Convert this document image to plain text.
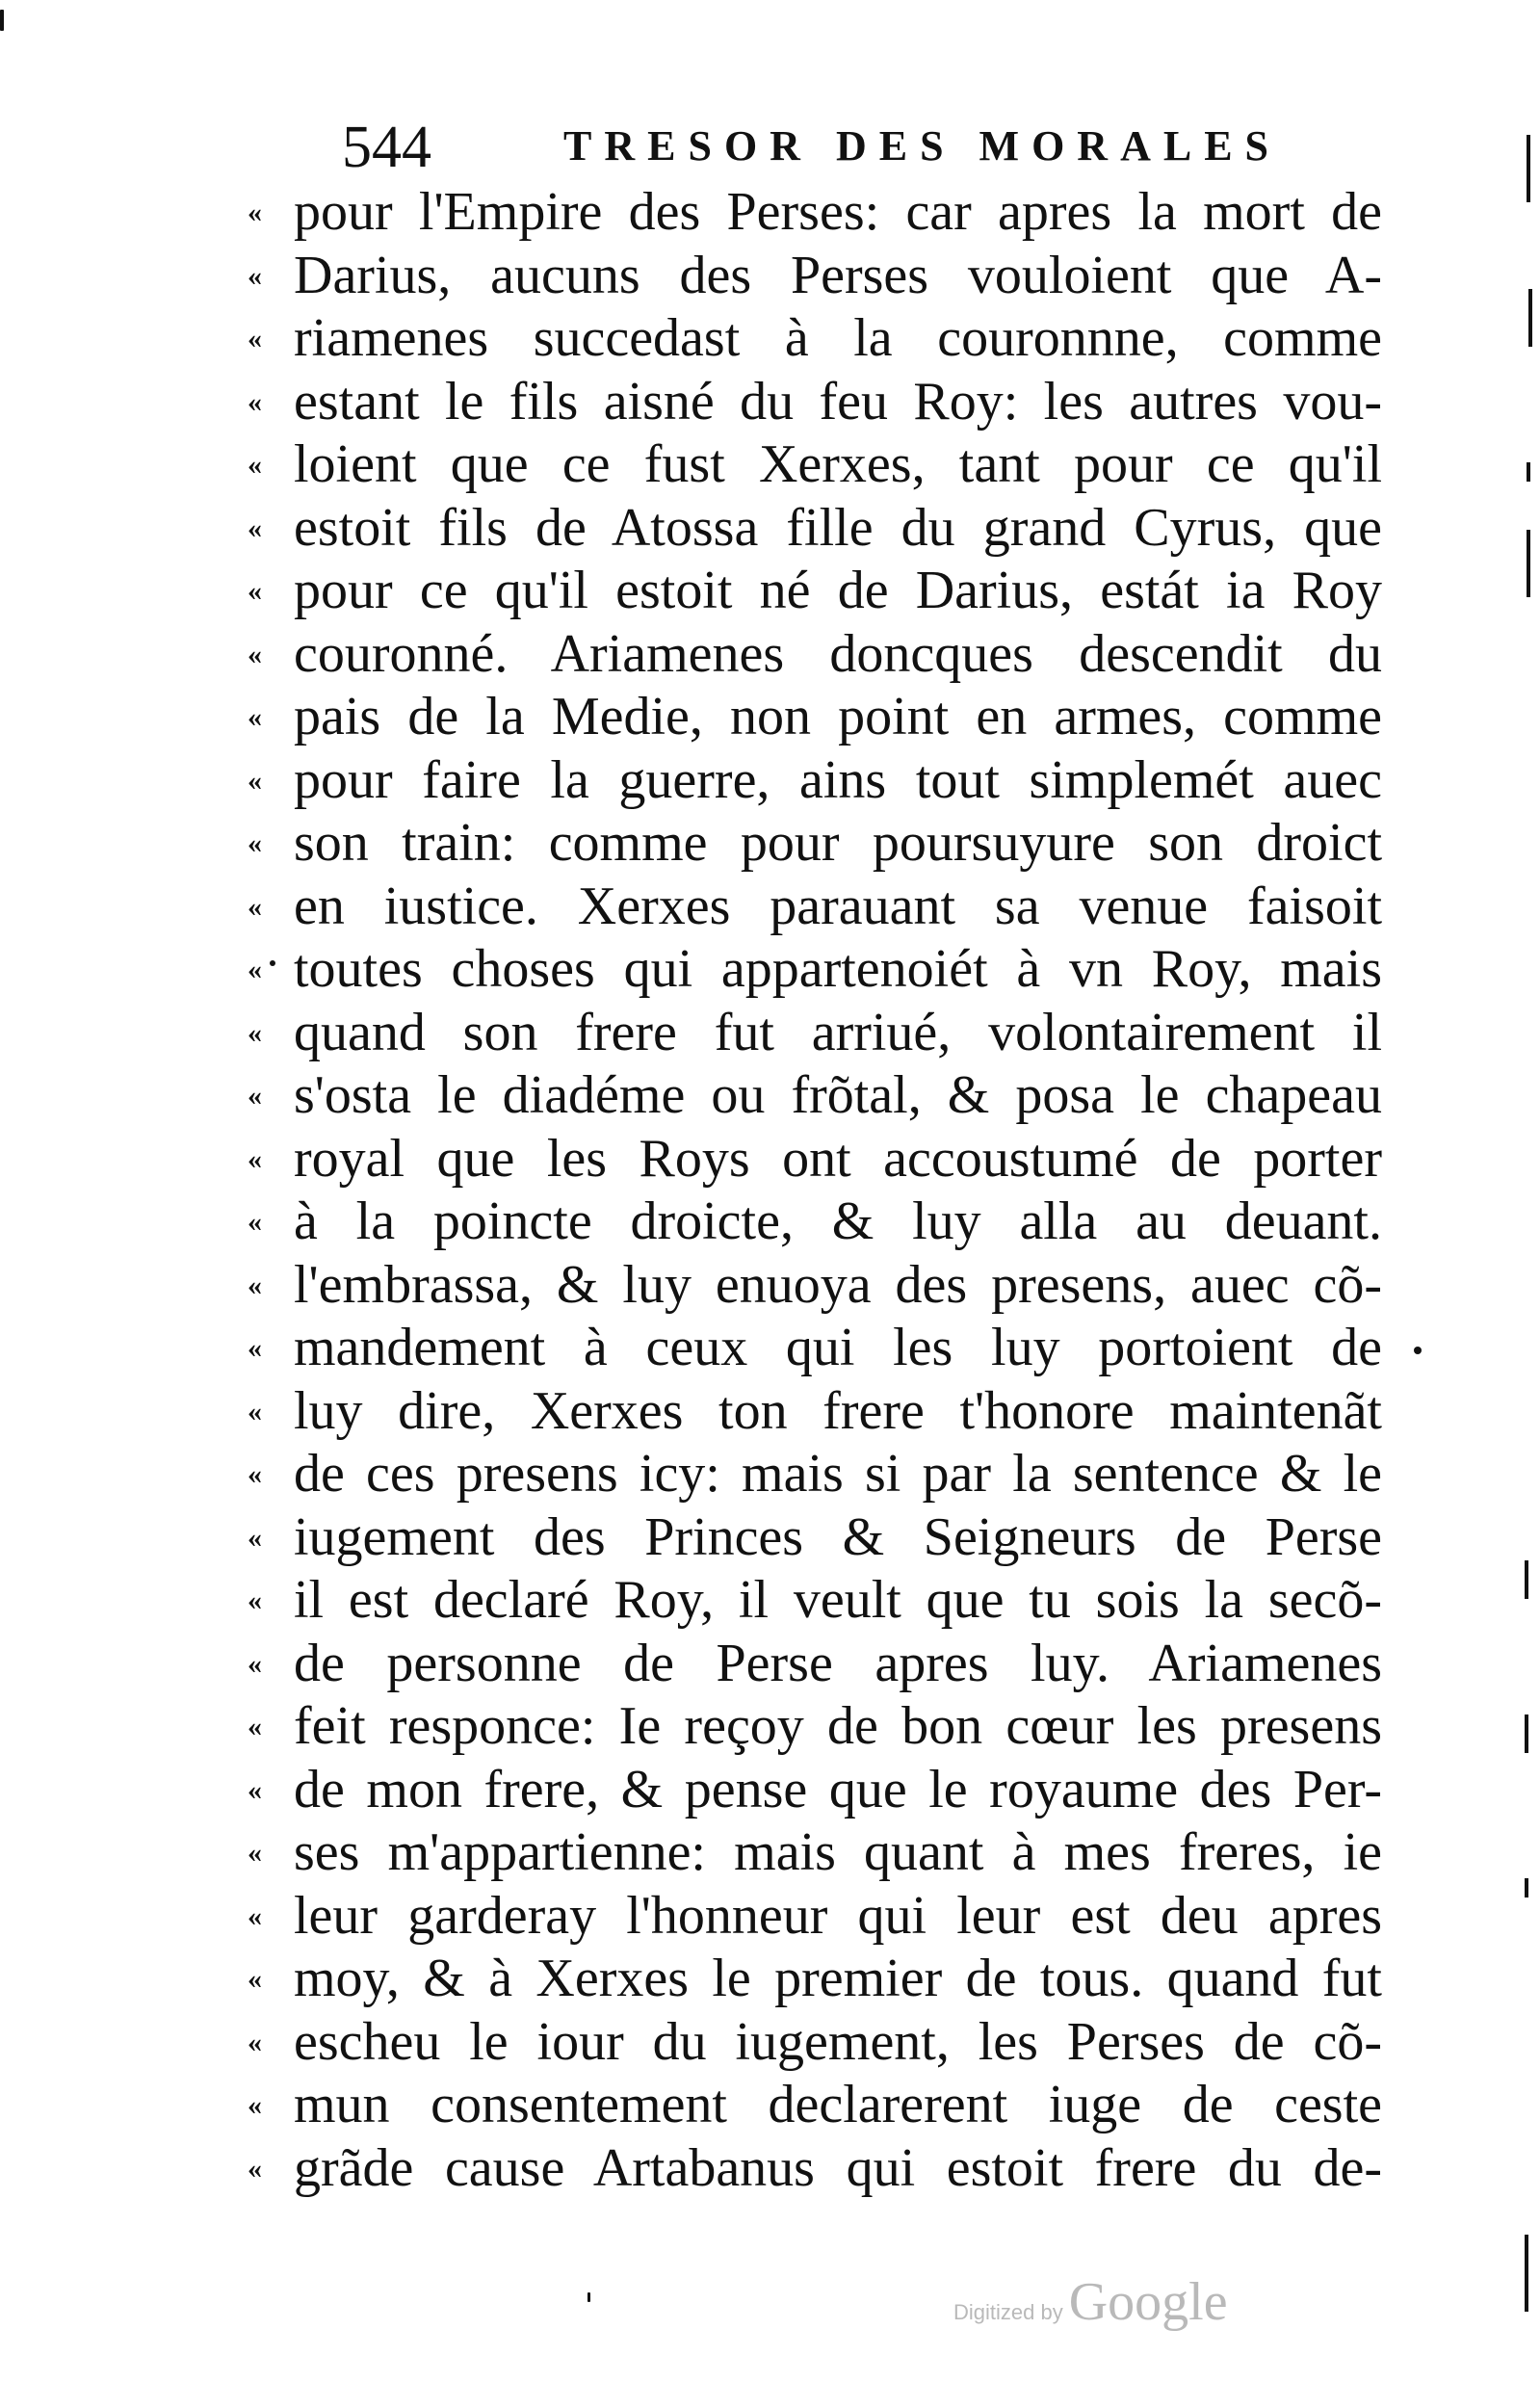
544	TRESOR DES MORALES
« pour l'Empire des Perses: car apres la mort de
« Darius, aucuns des Perses vouloient que A-
« riamenes succedast à la couronnne, comme
« estant le fils aisné du feu Roy: les autres vou-
« loient que ce fust Xerxes, tant pour ce qu'il
« estoit fils de Atossa fille du grand Cyrus, que
« pour ce qu'il estoit né de Darius, estát ia Roy
« couronné. Ariamenes doncques descendit du
« pais de la Medie, non point en armes, comme
« pour faire la guerre, ains tout simplemét auec
« son train: comme pour poursuyure son droict
« en iustice. Xerxes parauant sa venue faisoit
« toutes choses qui appartenoiét à vn Roy, mais
« quand son frere fut arriué, volontairement il
« s'osta le diadéme ou frõtal, & posa le chapeau
« royal que les Roys ont accoustumé de porter
« à la poincte droicte, & luy alla au deuant.
« l'embrassa, & luy enuoya des presens, auec cõ-
« mandement à ceux qui les luy portoient de
« luy dire, Xerxes ton frere t'honore maintenãt
« de ces presens icy: mais si par la sentence & le
« iugement des Princes & Seigneurs de Perse
« il est declaré Roy, il veult que tu sois la secõ-
« de personne de Perse apres luy. Ariamenes
« feit responce: Ie reçoy de bon cœur les presens
« de mon frere, & pense que le royaume des Per-
« ses m'appartienne: mais quant à mes freres, ie
« leur garderay l'honneur qui leur est deu apres
« moy, & à Xerxes le premier de tous. quand fut
« escheu le iour du iugement, les Perses de cõ-
« mun consentement declarerent iuge de ceste
« grãde cause Artabanus qui estoit frere du de-
Digitized by Google
